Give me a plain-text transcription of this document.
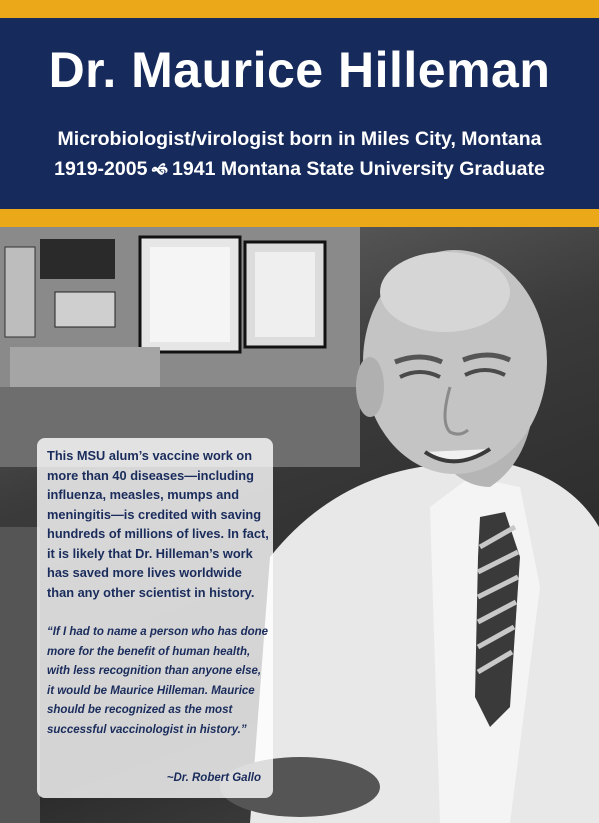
Dr. Maurice Hilleman
Microbiologist/virologist born in Miles City, Montana
1919-2005 🙜 1941 Montana State University Graduate
This MSU alum’s vaccine work on more than 40 diseases—including influenza, measles, mumps and meningitis—is credited with saving hundreds of millions of lives. In fact, it is likely that Dr. Hilleman’s work has saved more lives worldwide than any other scientist in history.
“If I had to name a person who has done more for the benefit of human health, with less recognition than anyone else, it would be Maurice Hilleman. Maurice should be recognized as the most successful vaccinologist in history.”
~Dr. Robert Gallo
